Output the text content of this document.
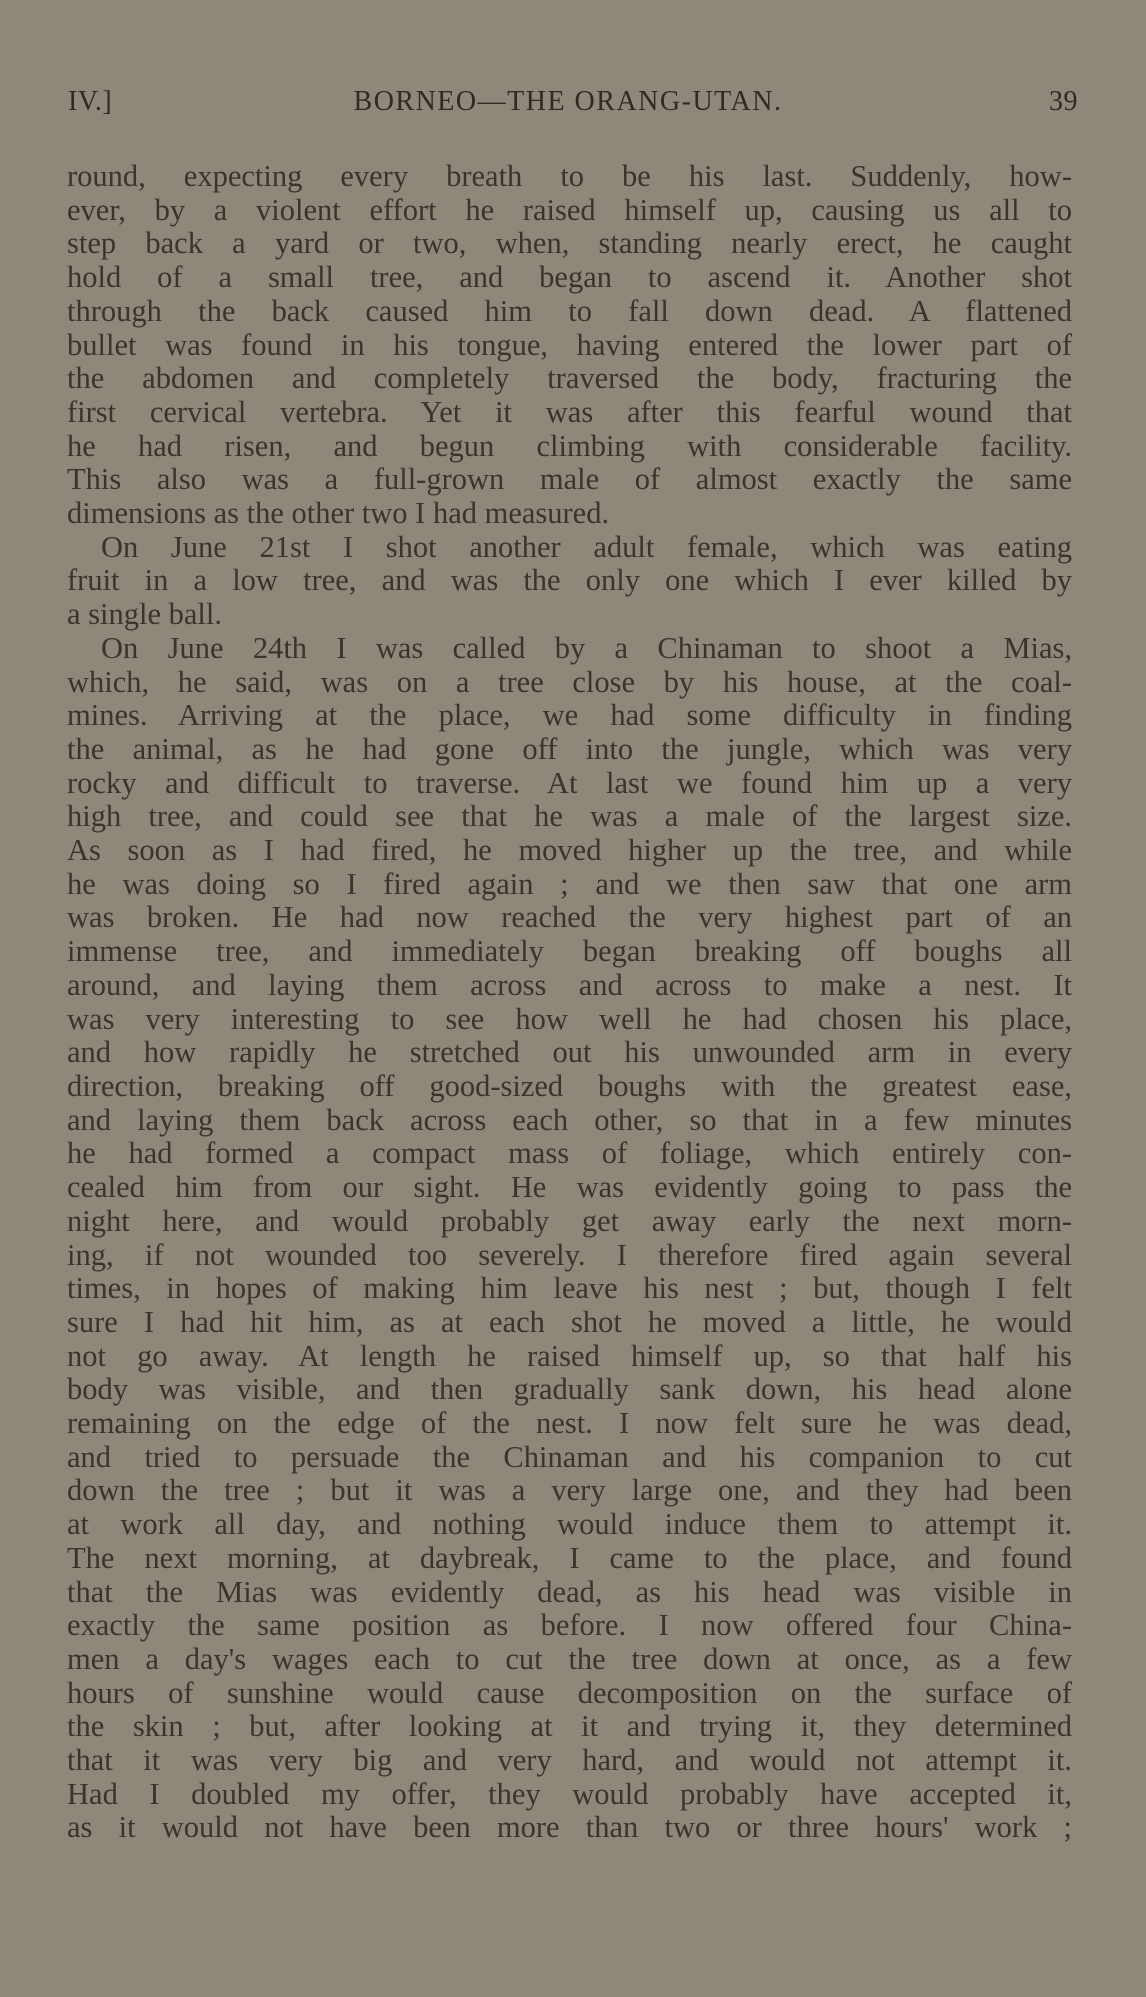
IV.]	BORNEO—THE ORANG-UTAN.	39
round, expecting every breath to be his last. Suddenly, how-
ever, by a violent effort he raised himself up, causing us all to
step back a yard or two, when, standing nearly erect, he caught
hold of a small tree, and began to ascend it. Another shot
through the back caused him to fall down dead. A flattened
bullet was found in his tongue, having entered the lower part of
the abdomen and completely traversed the body, fracturing the
first cervical vertebra. Yet it was after this fearful wound that
he had risen, and begun climbing with considerable facility.
This also was a full-grown male of almost exactly the same
dimensions as the other two I had measured.
On June 21st I shot another adult female, which was eating
fruit in a low tree, and was the only one which I ever killed by
a single ball.
On June 24th I was called by a Chinaman to shoot a Mias,
which, he said, was on a tree close by his house, at the coal-
mines. Arriving at the place, we had some difficulty in finding
the animal, as he had gone off into the jungle, which was very
rocky and difficult to traverse. At last we found him up a very
high tree, and could see that he was a male of the largest size.
As soon as I had fired, he moved higher up the tree, and while
he was doing so I fired again ; and we then saw that one arm
was broken. He had now reached the very highest part of an
immense tree, and immediately began breaking off boughs all
around, and laying them across and across to make a nest. It
was very interesting to see how well he had chosen his place,
and how rapidly he stretched out his unwounded arm in every
direction, breaking off good-sized boughs with the greatest ease,
and laying them back across each other, so that in a few minutes
he had formed a compact mass of foliage, which entirely con-
cealed him from our sight. He was evidently going to pass the
night here, and would probably get away early the next morn-
ing, if not wounded too severely. I therefore fired again several
times, in hopes of making him leave his nest ; but, though I felt
sure I had hit him, as at each shot he moved a little, he would
not go away. At length he raised himself up, so that half his
body was visible, and then gradually sank down, his head alone
remaining on the edge of the nest. I now felt sure he was dead,
and tried to persuade the Chinaman and his companion to cut
down the tree ; but it was a very large one, and they had been
at work all day, and nothing would induce them to attempt it.
The next morning, at daybreak, I came to the place, and found
that the Mias was evidently dead, as his head was visible in
exactly the same position as before. I now offered four China-
men a day's wages each to cut the tree down at once, as a few
hours of sunshine would cause decomposition on the surface of
the skin ; but, after looking at it and trying it, they determined
that it was very big and very hard, and would not attempt it.
Had I doubled my offer, they would probably have accepted it,
as it would not have been more than two or three hours' work ;
